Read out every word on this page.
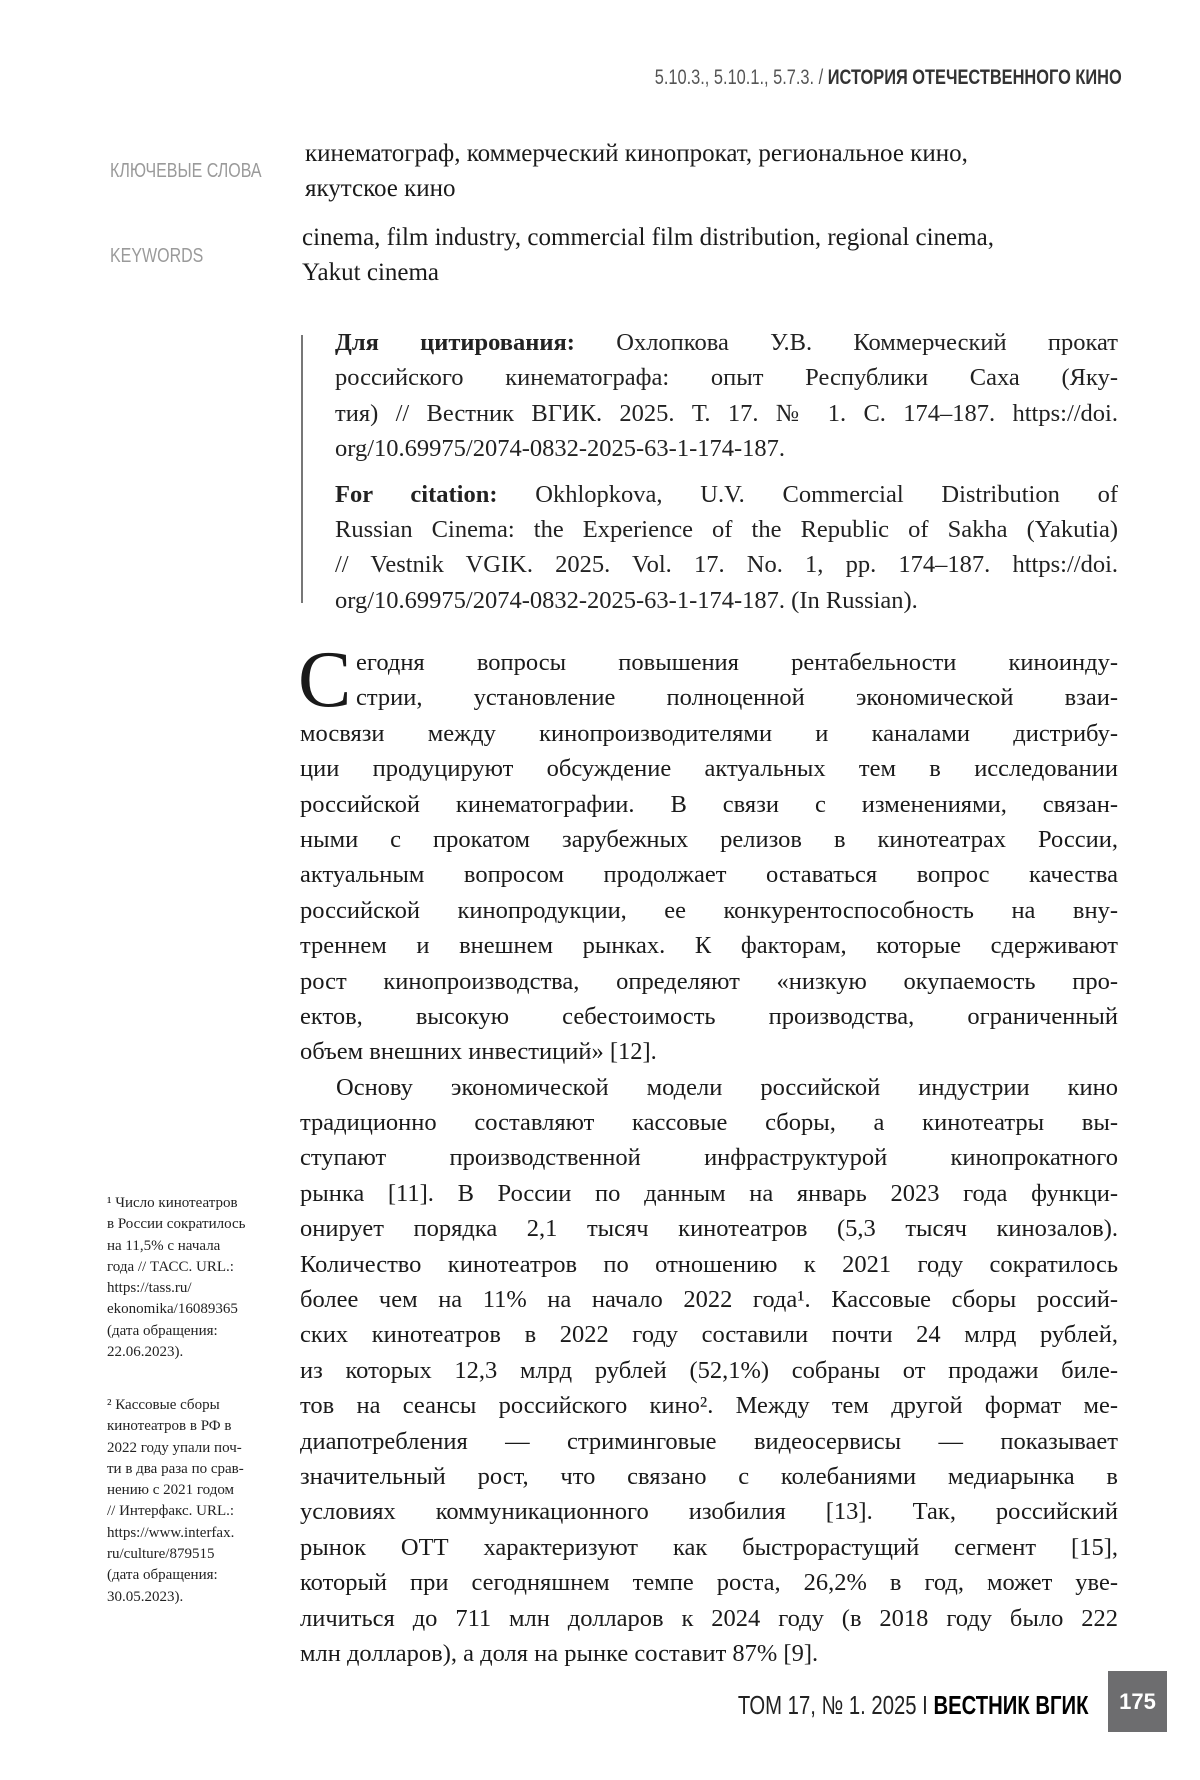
5.10.3., 5.10.1., 5.7.3. / ИСТОРИЯ ОТЕЧЕСТВЕННОГО КИНО
КЛЮЧЕВЫЕ СЛОВА
кинематограф, коммерческий кинопрокат, региональное кино,
якутское кино
KEYWORDS
cinema, film industry, commercial film distribution, regional cinema,
Yakut cinema
Для цитирования: Охлопкова У.В. Коммерческий прокат
российского кинематографа: опыт Республики Саха (Яку-
тия) // Вестник ВГИК. 2025. Т. 17. № 1. С. 174–187. https://doi.
org/10.69975/2074-0832-2025-63-1-174-187.
For citation: Okhlopkova, U.V. Commercial Distribution of
Russian Cinema: the Experience of the Republic of Sakha (Yakutia)
// Vestnik VGIK. 2025. Vol. 17. No. 1, pp. 174–187. https://doi.
org/10.69975/2074-0832-2025-63-1-174-187. (In Russian).
С егодня вопросы повышения рентабельности киноинду-
стрии, установление полноценной экономической взаи-
мосвязи между кинопроизводителями и каналами дистрибу-
ции продуцируют обсуждение актуальных тем в исследовании
российской кинематографии. В связи с изменениями, связан-
ными с прокатом зарубежных релизов в кинотеатрах России,
актуальным вопросом продолжает оставаться вопрос качества
российской кинопродукции, ее конкурентоспособность на вну-
треннем и внешнем рынках. К факторам, которые сдерживают
рост кинопроизводства, определяют «низкую окупаемость про-
ектов, высокую себестоимость производства, ограниченный
объем внешних инвестиций» [12].
Основу экономической модели российской индустрии кино
традиционно составляют кассовые сборы, а кинотеатры вы-
ступают производственной инфраструктурой кинопрокатного
рынка [11]. В России по данным на январь 2023 года функци-
онирует порядка 2,1 тысяч кинотеатров (5,3 тысяч кинозалов).
Количество кинотеатров по отношению к 2021 году сократилось
более чем на 11% на начало 2022 года¹. Кассовые сборы россий-
ских кинотеатров в 2022 году составили почти 24 млрд рублей,
из которых 12,3 млрд рублей (52,1%) собраны от продажи биле-
тов на сеансы российского кино². Между тем другой формат ме-
диапотребления — стриминговые видеосервисы — показывает
значительный рост, что связано с колебаниями медиарынка в
условиях коммуникационного изобилия [13]. Так, российский
рынок ОТТ характеризуют как быстрорастущий сегмент [15],
который при сегодняшнем темпе роста, 26,2% в год, может уве-
личиться до 711 млн долларов к 2024 году (в 2018 году было 222
млн долларов), а доля на рынке составит 87% [9].
¹ Число кинотеатров
в России сократилось
на 11,5% с начала
года // ТАСС. URL.:
https://tass.ru/
ekonomika/16089365
(дата обращения:
22.06.2023).
² Кассовые сборы
кинотеатров в РФ в
2022 году упали поч-
ти в два раза по срав-
нению с 2021 годом
// Интерфакс. URL.:
https://www.interfax.
ru/culture/879515
(дата обращения:
30.05.2023).
ТОМ 17, № 1. 2025 I ВЕСТНИК ВГИК	175
